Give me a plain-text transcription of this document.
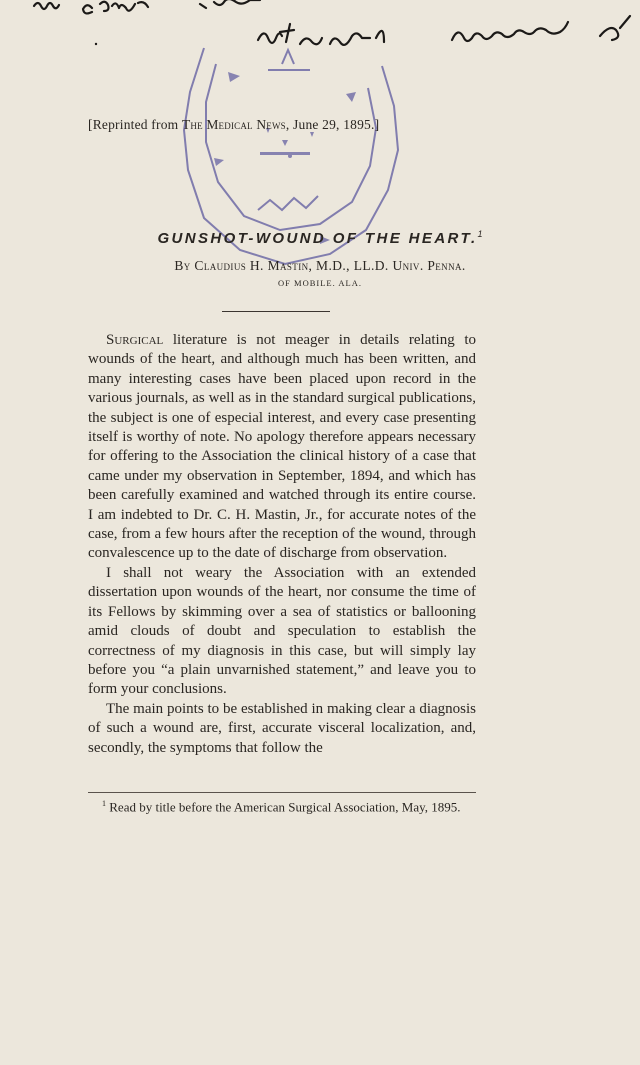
[Reprinted from The Medical News, June 29, 1895.]
GUNSHOT-WOUND OF THE HEART.$^1$
By Claudius H. Mastin, M.D., LL.D. Univ. Penna.
OF MOBILE. ALA.

Surgical literature is not meager in details relating to wounds of the heart, and although much has been written, and many interesting cases have been placed upon record in the various journals, as well as in the standard surgical publications, the subject is one of especial interest, and every case presenting itself is worthy of note. No apology therefore appears necessary for offering to the Association the clinical history of a case that came under my observation in September, 1894, and which has been carefully examined and watched through its entire course. I am indebted to Dr. C. H. Mastin, Jr., for accurate notes of the case, from a few hours after the reception of the wound, through convalescence up to the date of discharge from observation.

I shall not weary the Association with an extended dissertation upon wounds of the heart, nor consume the time of its Fellows by skimming over a sea of statistics or ballooning amid clouds of doubt and speculation to establish the correctness of my diagnosis in this case, but will simply lay before you “a plain unvarnished statement,” and leave you to form your conclusions.

The main points to be established in making clear a diagnosis of such a wound are, first, accurate visceral localization, and, secondly, the symptoms that follow the

$^1$ Read by title before the American Surgical Association, May, 1895.
